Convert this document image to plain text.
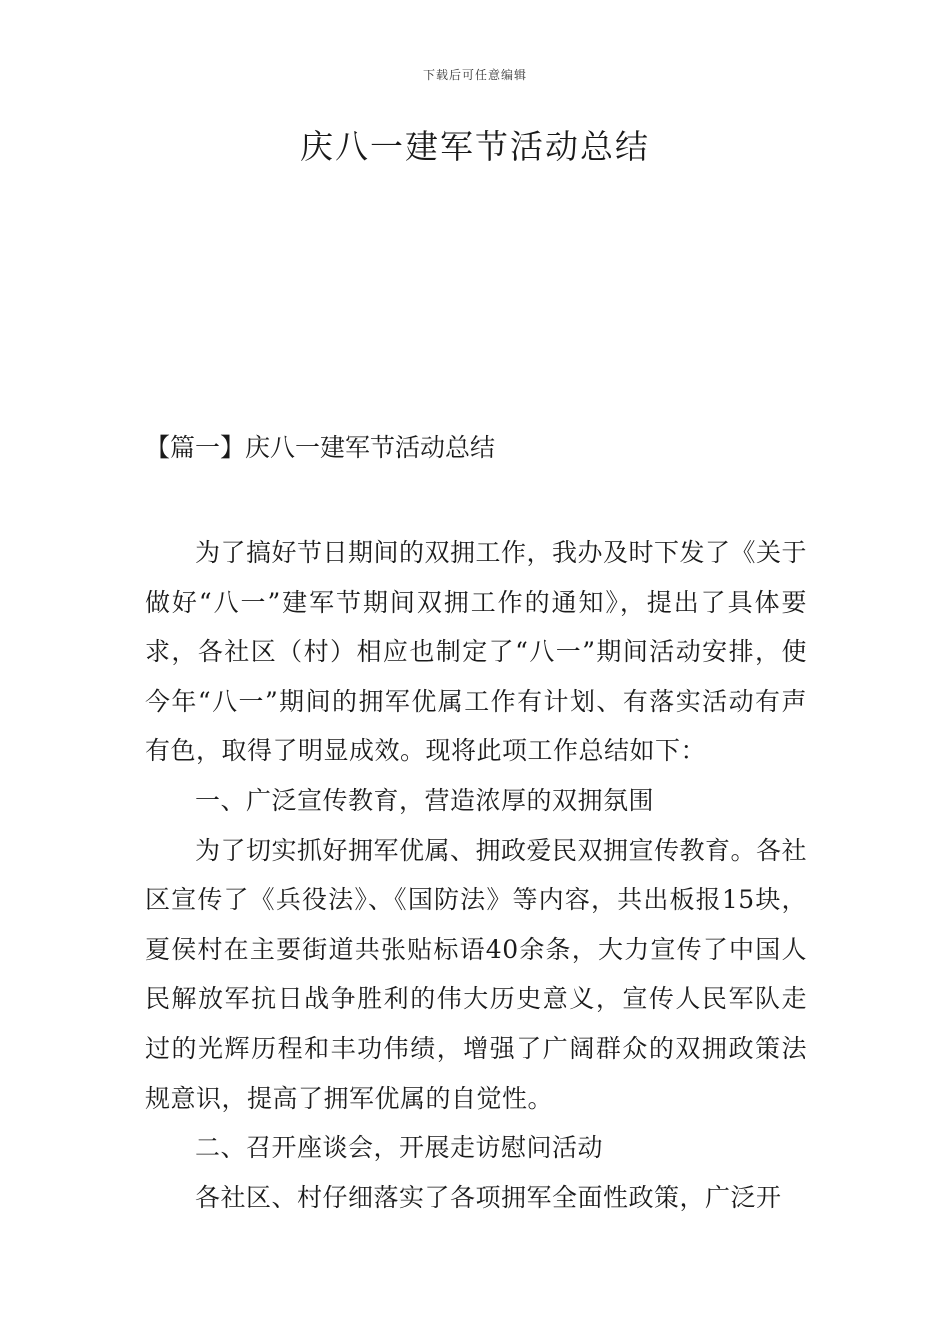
下载后可任意编辑
庆八一建军节活动总结
【篇一】庆八一建军节活动总结

为了搞好节日期间的双拥工作，我办及时下发了《关于做好“八一”建军节期间双拥工作的通知》，提出了具体要求，各社区（村）相应也制定了“八一”期间活动安排，使今年“八一”期间的拥军优属工作有计划、有落实活动有声有色，取得了明显成效。现将此项工作总结如下：

一、广泛宣传教育，营造浓厚的双拥氛围

为了切实抓好拥军优属、拥政爱民双拥宣传教育。各社区宣传了《兵役法》、《国防法》等内容，共出板报15块，夏侯村在主要街道共张贴标语40余条，大力宣传了中国人民解放军抗日战争胜利的伟大历史意义，宣传人民军队走过的光辉历程和丰功伟绩，增强了广阔群众的双拥政策法规意识，提高了拥军优属的自觉性。

二、召开座谈会，开展走访慰问活动

各社区、村仔细落实了各项拥军全面性政策，广泛开
